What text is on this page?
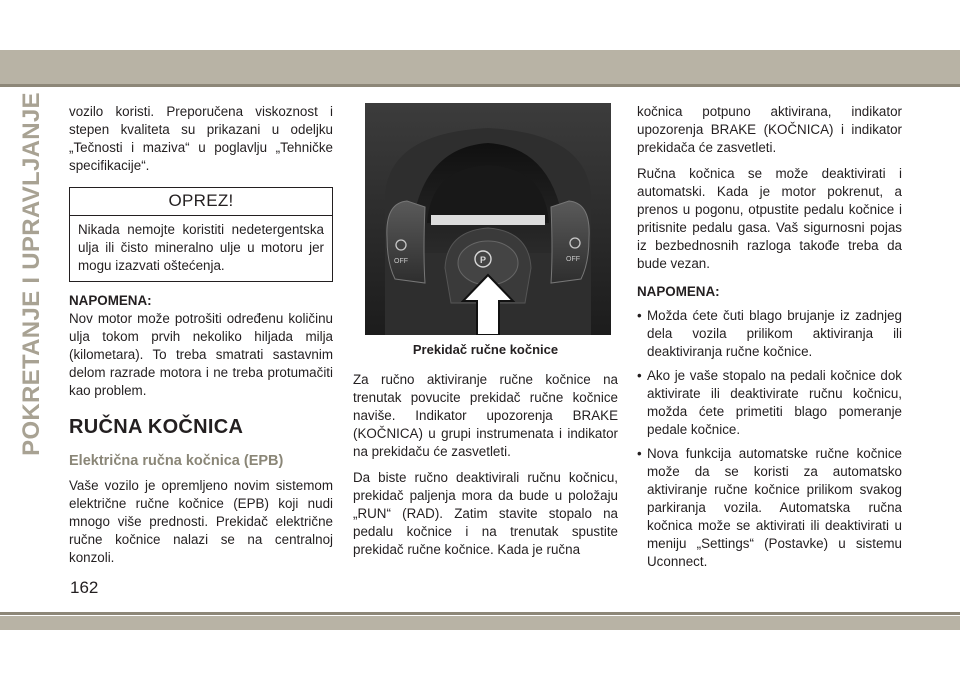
POKRETANJE I UPRAVLJANJE vozilo koristi. Preporučena viskoznost i stepen kvaliteta su prikazani u odeljku „Tečnosti i maziva“ u poglavlju „Tehničke specifikacije“.

OPREZ!

Nikada nemojte koristiti nedetergentska ulja ili čisto mineralno ulje u motoru jer mogu izazvati oštećenja.

NAPOMENA:

Nov motor može potrošiti određenu količinu ulja tokom prvih nekoliko hiljada milja (kilometara). To treba smatrati sastavnim delom razrade motora i ne treba protumačiti kao problem.

RUČNA KOČNICA
Električna ručna kočnica (EPB)

Vaše vozilo je opremljeno novim sistemom električne ručne kočnice (EPB) koji nudi mnogo više prednosti. Prekidač električne ručne kočnice nalazi se na centralnoj konzoli.

OFF	OFF
P
Prekidač ručne kočnice

Za ručno aktiviranje ručne kočnice na trenutak povucite prekidač ručne kočnice naviše. Indikator upozorenja BRAKE (KOČNICA) u grupi instrumenata i indikator na prekidaču će zasvetleti.

Da biste ručno deaktivirali ručnu kočnicu, prekidač paljenja mora da bude u položaju „RUN“ (RAD). Zatim stavite stopalo na pedalu kočnice i na trenutak spustite prekidač ručne kočnice. Kada je ručna

kočnica potpuno aktivirana, indikator upozorenja BRAKE (KOČNICA) i indikator prekidača će zasvetleti.

Ručna kočnica se može deaktivirati i automatski. Kada je motor pokrenut, a prenos u pogonu, otpustite pedalu kočnice i pritisnite pedalu gasa. Vaš sigurnosni pojas iz bezbednosnih razloga takođe treba da bude vezan.

NAPOMENA:
• Možda ćete čuti blago brujanje iz zadnjeg dela vozila prilikom aktiviranja ili deaktiviranja ručne kočnice.
• Ako je vaše stopalo na pedali kočnice dok aktivirate ili deaktivirate ručnu kočnicu, možda ćete primetiti blago pomeranje pedale kočnice.
• Nova funkcija automatske ručne kočnice može da se koristi za automatsko aktiviranje ručne kočnice prilikom svakog parkiranja vozila. Automatska ručna kočnica može se aktivirati ili deaktivirati u meniju „Settings“ (Postavke) u sistemu Uconnect.
162
